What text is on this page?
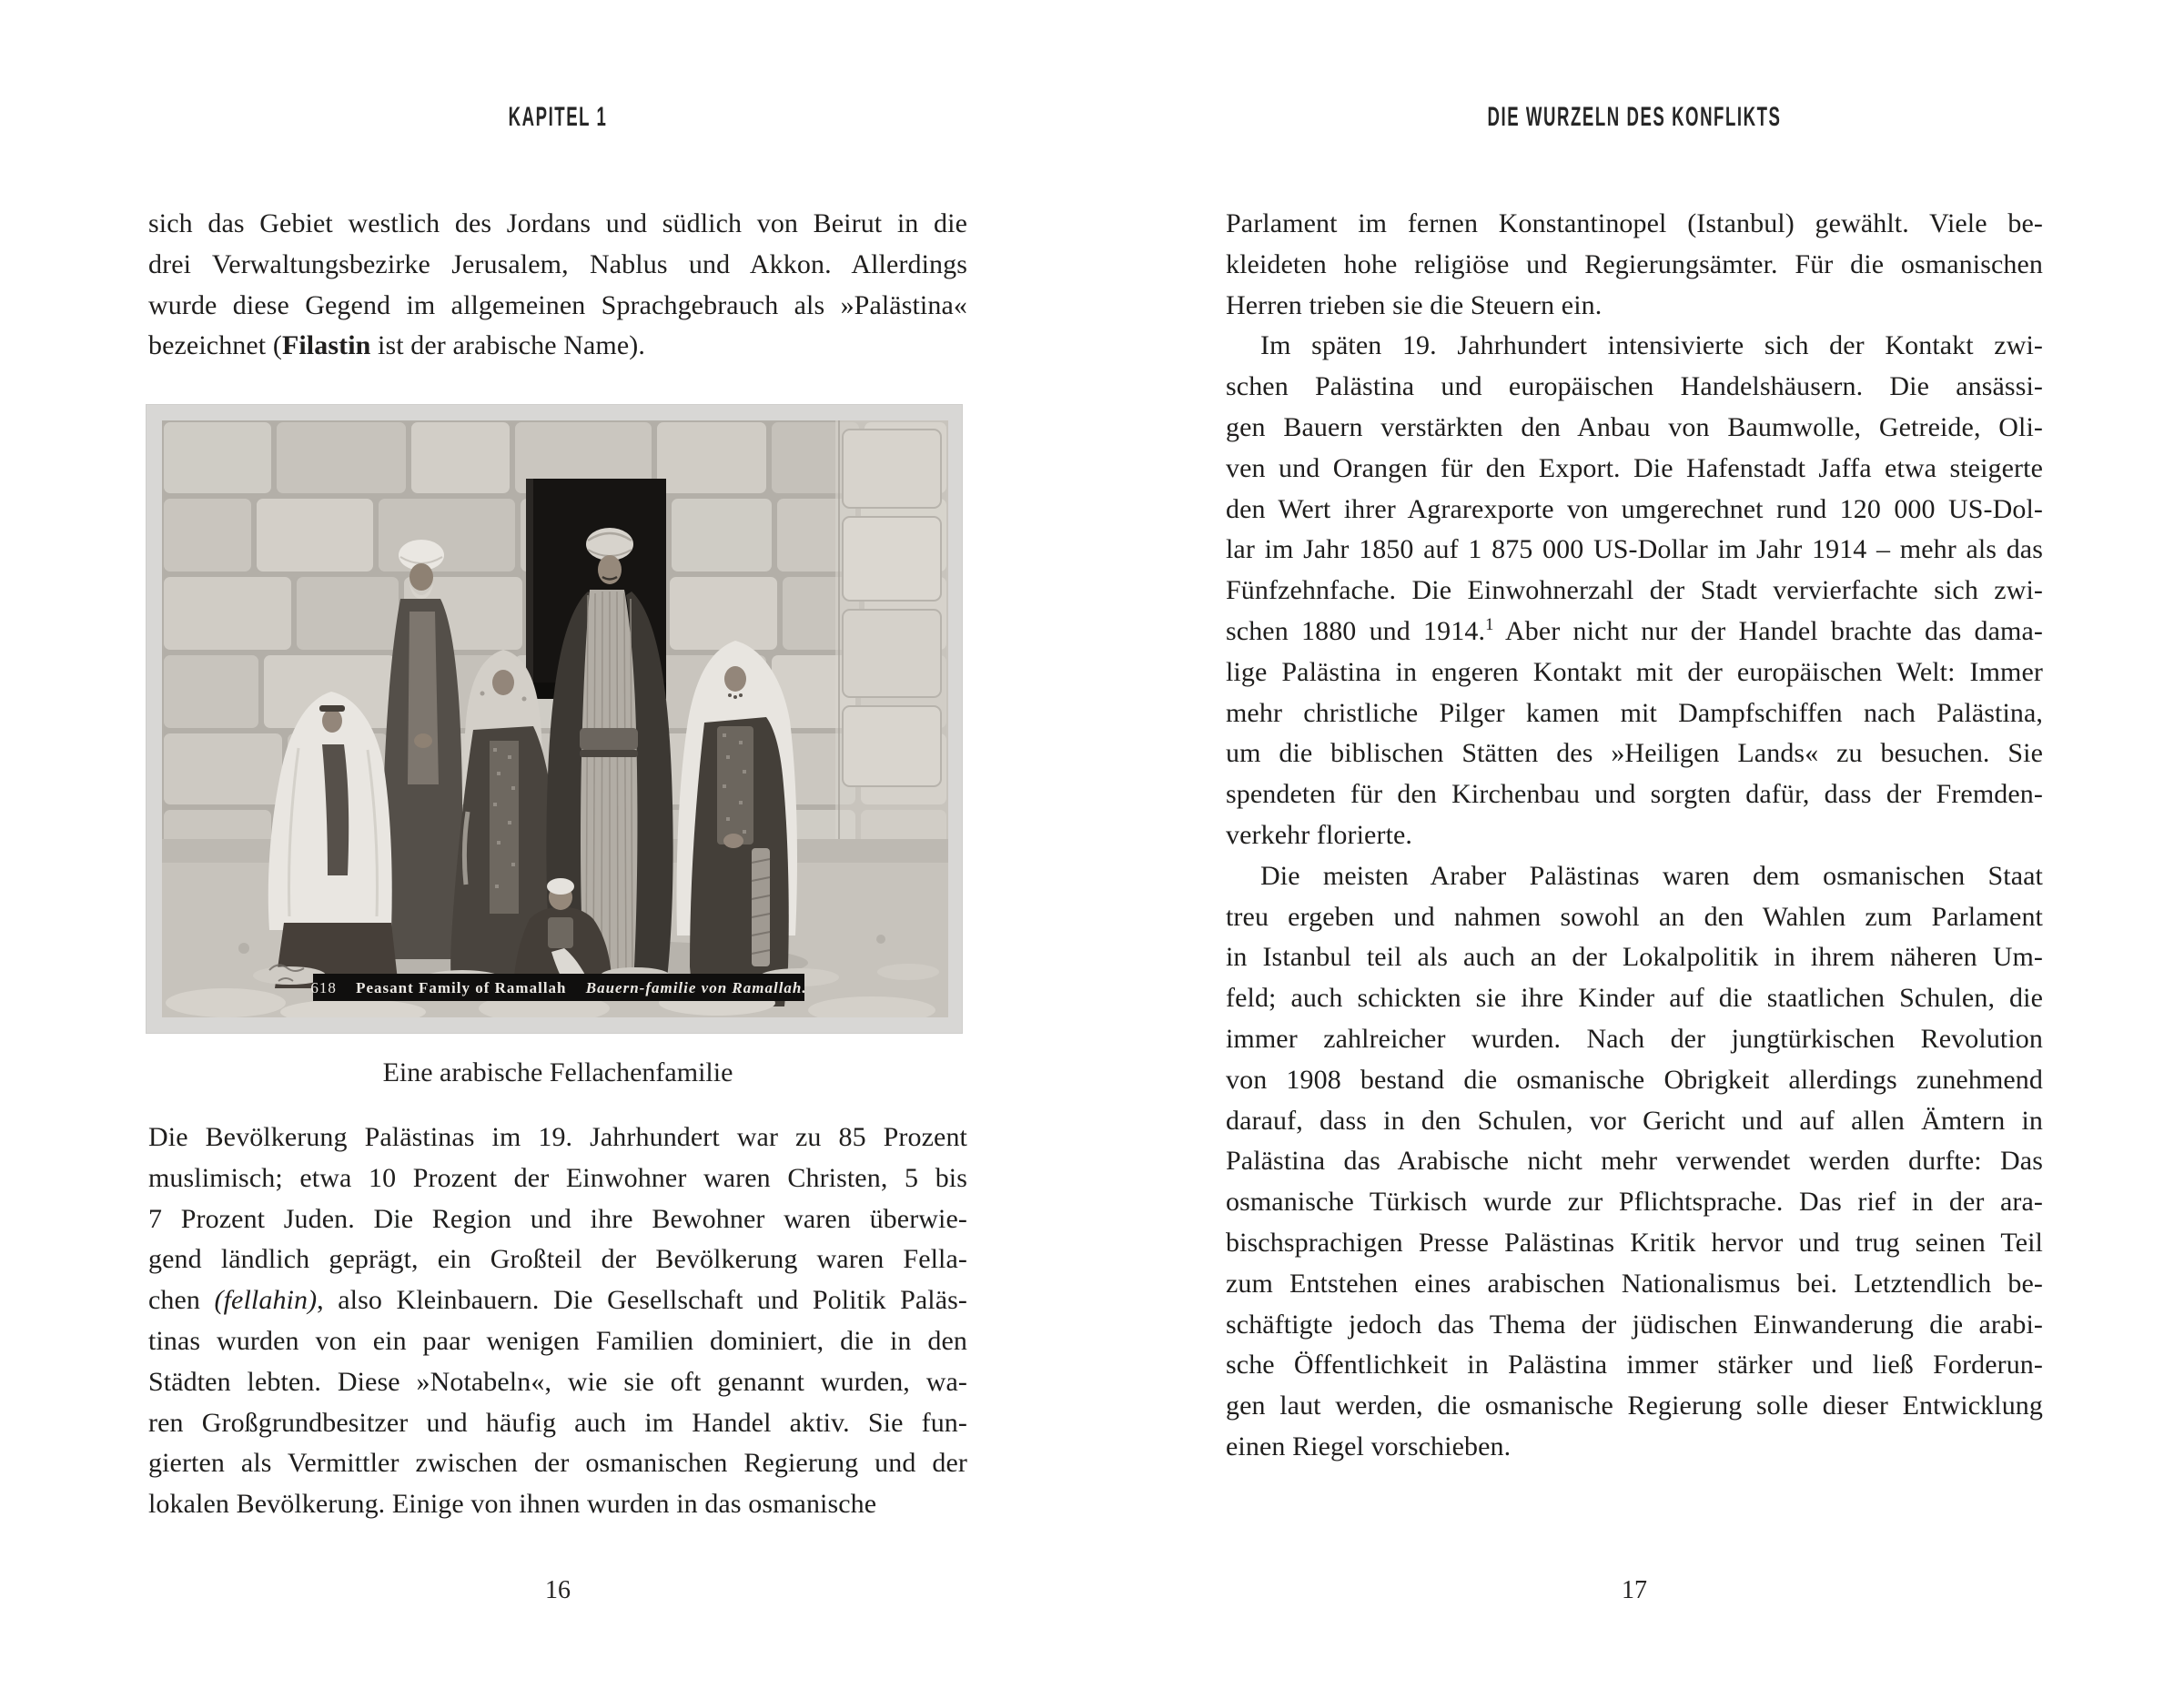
KAPITEL 1
sich das Gebiet westlich des Jordans und südlich von Beirut in die
drei Verwaltungsbezirke Jerusalem, Nablus und Akkon. Allerdings
wurde diese Gegend im allgemeinen Sprachgebrauch als »Palästina«
bezeichnet (Filastin ist der arabische Name).
618 Peasant Family of Ramallah Bauern-familie von Ramallah.
Eine arabische Fellachenfamilie
Die Bevölkerung Palästinas im 19. Jahrhundert war zu 85 Prozent
muslimisch; etwa 10 Prozent der Einwohner waren Christen, 5 bis
7 Prozent Juden. Die Region und ihre Bewohner waren überwie-
gend ländlich geprägt, ein Großteil der Bevölkerung waren Fella-
chen (fellahin), also Kleinbauern. Die Gesellschaft und Politik Paläs-
tinas wurden von ein paar wenigen Familien dominiert, die in den
Städten lebten. Diese »Notabeln«, wie sie oft genannt wurden, wa-
ren Großgrundbesitzer und häufig auch im Handel aktiv. Sie fun-
gierten als Vermittler zwischen der osmanischen Regierung und der
lokalen Bevölkerung. Einige von ihnen wurden in das osmanische
16
DIE WURZELN DES KONFLIKTS
Parlament im fernen Konstantinopel (Istanbul) gewählt. Viele be-
kleideten hohe religiöse und Regierungsämter. Für die osmanischen
Herren trieben sie die Steuern ein.
Im späten 19. Jahrhundert intensivierte sich der Kontakt zwi-
schen Palästina und europäischen Handelshäusern. Die ansässi-
gen Bauern verstärkten den Anbau von Baumwolle, Getreide, Oli-
ven und Orangen für den Export. Die Hafenstadt Jaffa etwa steigerte
den Wert ihrer Agrarexporte von umgerechnet rund 120 000 US-Dol-
lar im Jahr 1850 auf 1 875 000 US-Dollar im Jahr 1914 – mehr als das
Fünfzehnfache. Die Einwohnerzahl der Stadt vervierfachte sich zwi-
schen 1880 und 1914.$^1$ Aber nicht nur der Handel brachte das dama-
lige Palästina in engeren Kontakt mit der europäischen Welt: Immer
mehr christliche Pilger kamen mit Dampfschiffen nach Palästina,
um die biblischen Stätten des »Heiligen Lands« zu besuchen. Sie
spendeten für den Kirchenbau und sorgten dafür, dass der Fremden-
verkehr florierte.
Die meisten Araber Palästinas waren dem osmanischen Staat
treu ergeben und nahmen sowohl an den Wahlen zum Parlament
in Istanbul teil als auch an der Lokalpolitik in ihrem näheren Um-
feld; auch schickten sie ihre Kinder auf die staatlichen Schulen, die
immer zahlreicher wurden. Nach der jungtürkischen Revolution
von 1908 bestand die osmanische Obrigkeit allerdings zunehmend
darauf, dass in den Schulen, vor Gericht und auf allen Ämtern in
Palästina das Arabische nicht mehr verwendet werden durfte: Das
osmanische Türkisch wurde zur Pflichtsprache. Das rief in der ara-
bischsprachigen Presse Palästinas Kritik hervor und trug seinen Teil
zum Entstehen eines arabischen Nationalismus bei. Letztendlich be-
schäftigte jedoch das Thema der jüdischen Einwanderung die arabi-
sche Öffentlichkeit in Palästina immer stärker und ließ Forderun-
gen laut werden, die osmanische Regierung solle dieser Entwicklung
einen Riegel vorschieben.
17
